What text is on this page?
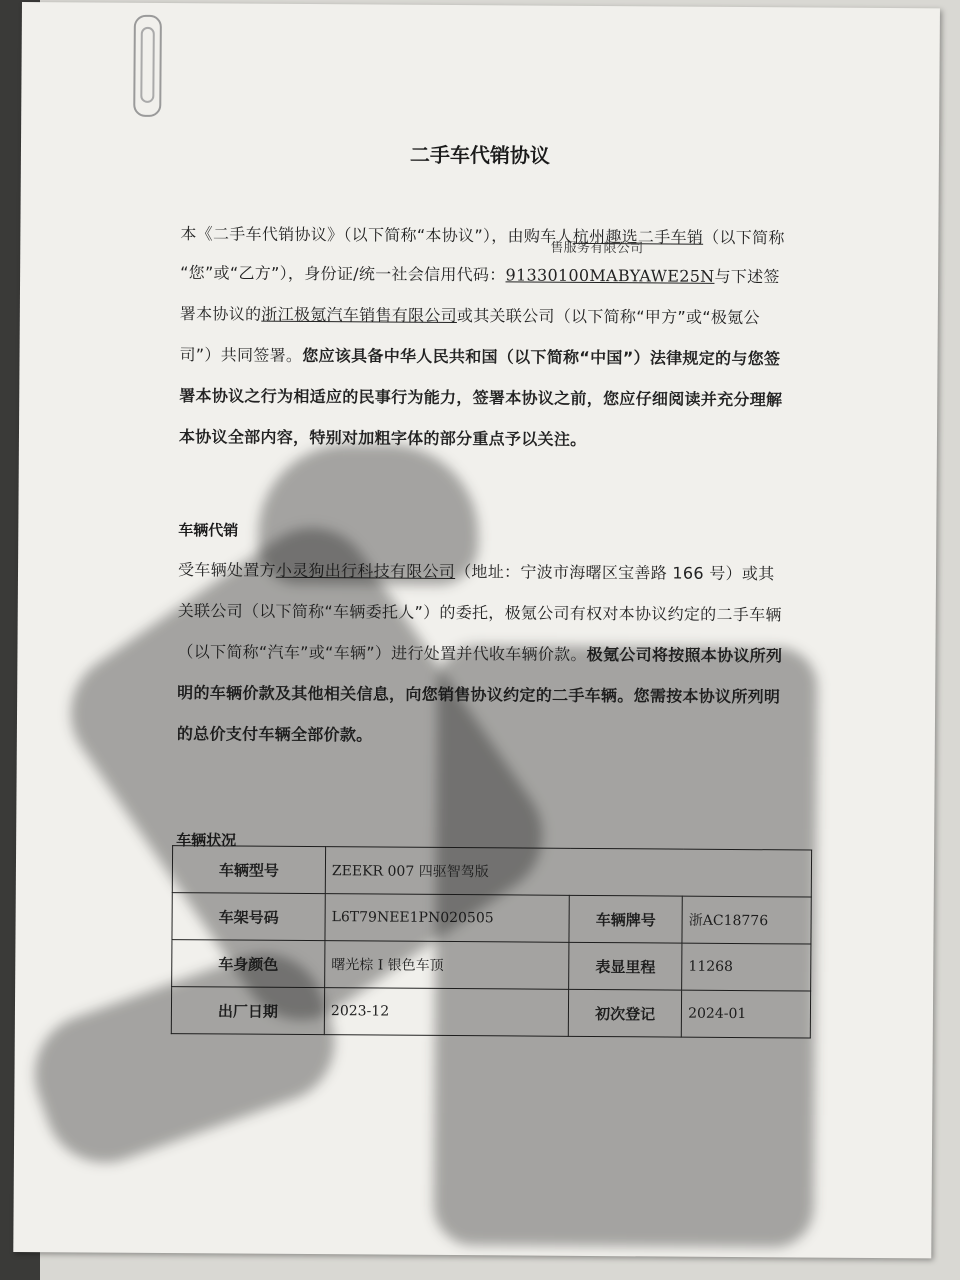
二手车代销协议
本《二手车代销协议》（以下简称“本协议”），由购车人杭州趣选二手车销（以下简称
售服务有限公司
“您”或“乙方”），身份证/统一社会信用代码：91330100MABYAWE25N与下述签署本协议的浙江极氪汽车销售有限公司或其关联公司（以下简称“甲方”或“极氪公司”）共同签署。您应该具备中华人民共和国（以下简称“中国”）法律规定的与您签署本协议之行为相适应的民事行为能力，签署本协议之前，您应仔细阅读并充分理解本协议全部内容，特别对加粗字体的部分重点予以关注。
车辆代销
受车辆处置方小灵狗出行科技有限公司（地址：宁波市海曙区宝善路 166 号）或其关联公司（以下简称“车辆委托人”）的委托，极氪公司有权对本协议约定的二手车辆（以下简称“汽车”或“车辆”）进行处置并代收车辆价款。极氪公司将按照本协议所列明的车辆价款及其他相关信息，向您销售协议约定的二手车辆。您需按本协议所列明的总价支付车辆全部价款。
车辆状况
车辆型号	ZEEKR 007 四驱智驾版		
车架号码	L6T79NEE1PN020505	车辆牌号	浙AC18776
车身颜色	曙光棕 I 银色车顶	表显里程	11268
出厂日期	2023-12	初次登记	2024-01
